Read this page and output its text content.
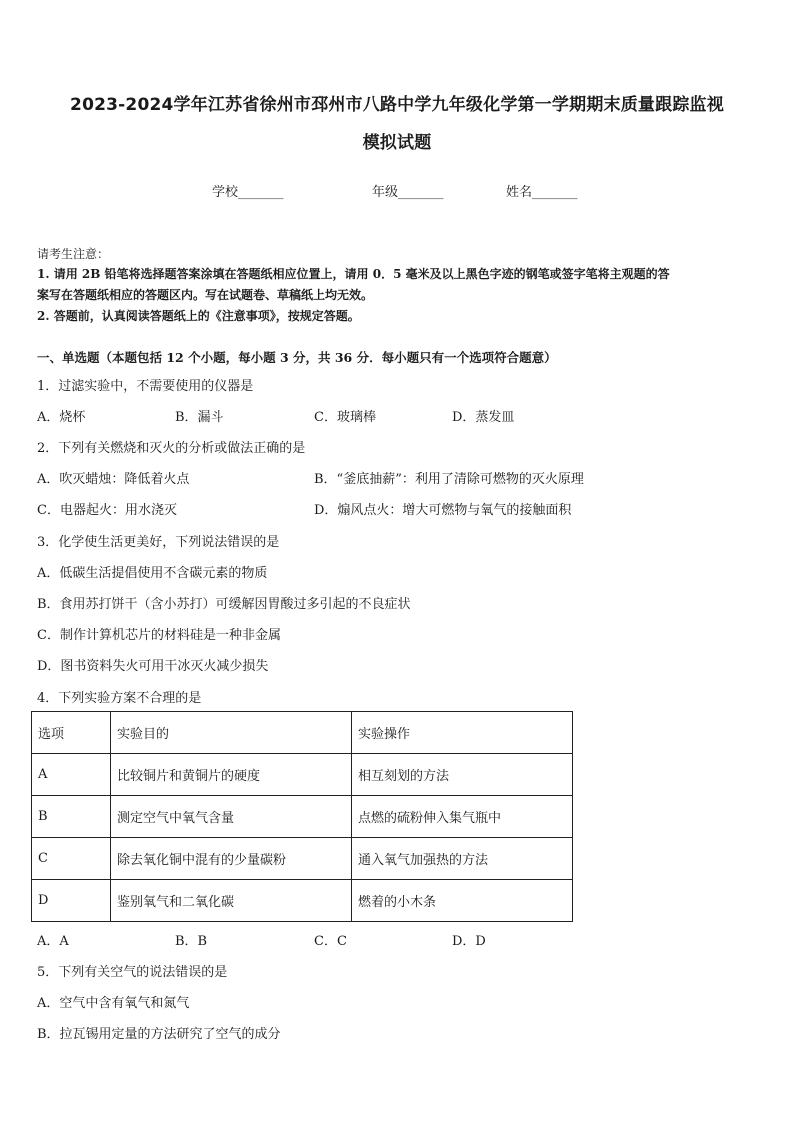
2023-2024学年江苏省徐州市邳州市八路中学九年级化学第一学期期末质量跟踪监视
模拟试题
学校_______	年级_______	姓名_______
请考生注意：
1. 请用 2B 铅笔将选择题答案涂填在答题纸相应位置上，请用 0．5 毫米及以上黑色字迹的钢笔或签字笔将主观题的答
案写在答题纸相应的答题区内。写在试题卷、草稿纸上均无效。
2. 答题前，认真阅读答题纸上的《注意事项》，按规定答题。
一、单选题（本题包括 12 个小题，每小题 3 分，共 36 分．每小题只有一个选项符合题意）
1．过滤实验中，不需要使用的仪器是
A．烧杯	B．漏斗	C．玻璃棒	D．蒸发皿
2．下列有关燃烧和灭火的分析或做法正确的是
A．吹灭蜡烛：降低着火点	B．“釜底抽薪”：利用了清除可燃物的灭火原理
C．电器起火：用水浇灭	D．煽风点火：增大可燃物与氧气的接触面积
3．化学使生活更美好，下列说法错误的是
A．低碳生活提倡使用不含碳元素的物质
B．食用苏打饼干（含小苏打）可缓解因胃酸过多引起的不良症状
C．制作计算机芯片的材料硅是一种非金属
D．图书资料失火可用干冰灭火减少损失
4．下列实验方案不合理的是
选项	实验目的	实验操作
A	比较铜片和黄铜片的硬度	相互刻划的方法
B	测定空气中氧气含量	点燃的硫粉伸入集气瓶中
C	除去氧化铜中混有的少量碳粉	通入氧气加强热的方法
D	鉴别氧气和二氧化碳	燃着的小木条
A．A	B．B	C．C	D．D
5．下列有关空气的说法错误的是
A．空气中含有氧气和氮气
B．拉瓦锡用定量的方法研究了空气的成分
